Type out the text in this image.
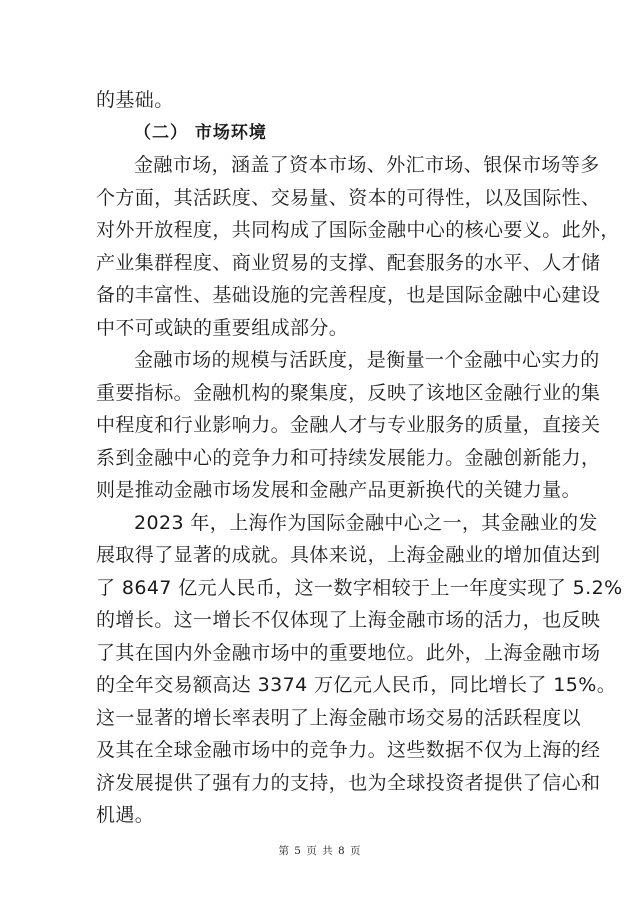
的基础。
（二） 市场环境
金融市场，涵盖了资本市场、外汇市场、银保市场等多
个方面，其活跃度、交易量、资本的可得性，以及国际性、
对外开放程度，共同构成了国际金融中心的核心要义。此外，
产业集群程度、商业贸易的支撑、配套服务的水平、人才储
备的丰富性、基础设施的完善程度，也是国际金融中心建设
中不可或缺的重要组成部分。
金融市场的规模与活跃度，是衡量一个金融中心实力的
重要指标。金融机构的聚集度，反映了该地区金融行业的集
中程度和行业影响力。金融人才与专业服务的质量，直接关
系到金融中心的竞争力和可持续发展能力。金融创新能力，
则是推动金融市场发展和金融产品更新换代的关键力量。
2023 年，上海作为国际金融中心之一，其金融业的发
展取得了显著的成就。具体来说，上海金融业的增加值达到
了 8647 亿元人民币，这一数字相较于上一年度实现了 5.2%
的增长。这一增长不仅体现了上海金融市场的活力，也反映
了其在国内外金融市场中的重要地位。此外，上海金融市场
的全年交易额高达 3374 万亿元人民币，同比增长了 15%。
这一显著的增长率表明了上海金融市场交易的活跃程度以
及其在全球金融市场中的竞争力。这些数据不仅为上海的经
济发展提供了强有力的支持，也为全球投资者提供了信心和
机遇。
第 5 页 共 8 页
